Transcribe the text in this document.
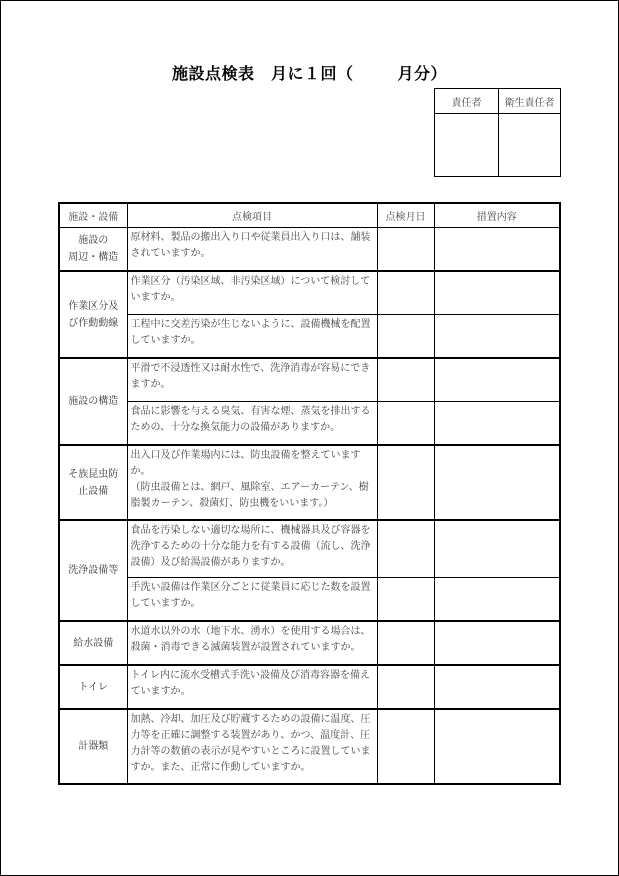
施設点検表　月に１回（	月分）
責任者	衛生責任者

施設・設備	点検項目	点検月日	措置内容
施設の
周辺・構造	原材料、製品の搬出入り口や従業員出入り口は、舗装されていますか。		

作業区分及
び作動動線	作業区分（汚染区域、非汚染区域）について検討していますか。		

	工程中に交差汚染が生じないように、設備機械を配置していますか。		

施設の構造	平滑で不浸透性又は耐水性で、洗浄消毒が容易にできますか。		

	食品に影響を与える臭気、有害な煙、蒸気を排出するための、十分な換気能力の設備がありますか。		

そ族昆虫防
止設備	出入口及び作業場内には、防虫設備を整えていますか。
（防虫設備とは、網戸、風除室、エアーカーテン、樹脂製カーテン、殺菌灯、防虫機をいいます。）		

洗浄設備等	食品を汚染しない適切な場所に、機械器具及び容器を洗浄するための十分な能力を有する設備（流し、洗浄設備）及び給湯設備がありますか。		

	手洗い設備は作業区分ごとに従業員に応じた数を設置していますか。		

給水設備	水道水以外の水（地下水、湧水）を使用する場合は、殺菌・消毒できる滅菌装置が設置されていますか。		

トイレ	トイレ内に流水受槽式手洗い設備及び消毒容器を備えていますか。		

計器類	加熱、冷却、加圧及び貯蔵するための設備に温度、圧力等を正確に調整する装置があり、かつ、温度計、圧力計等の数値の表示が見やすいところに設置していますか。また、正常に作動していますか。		
